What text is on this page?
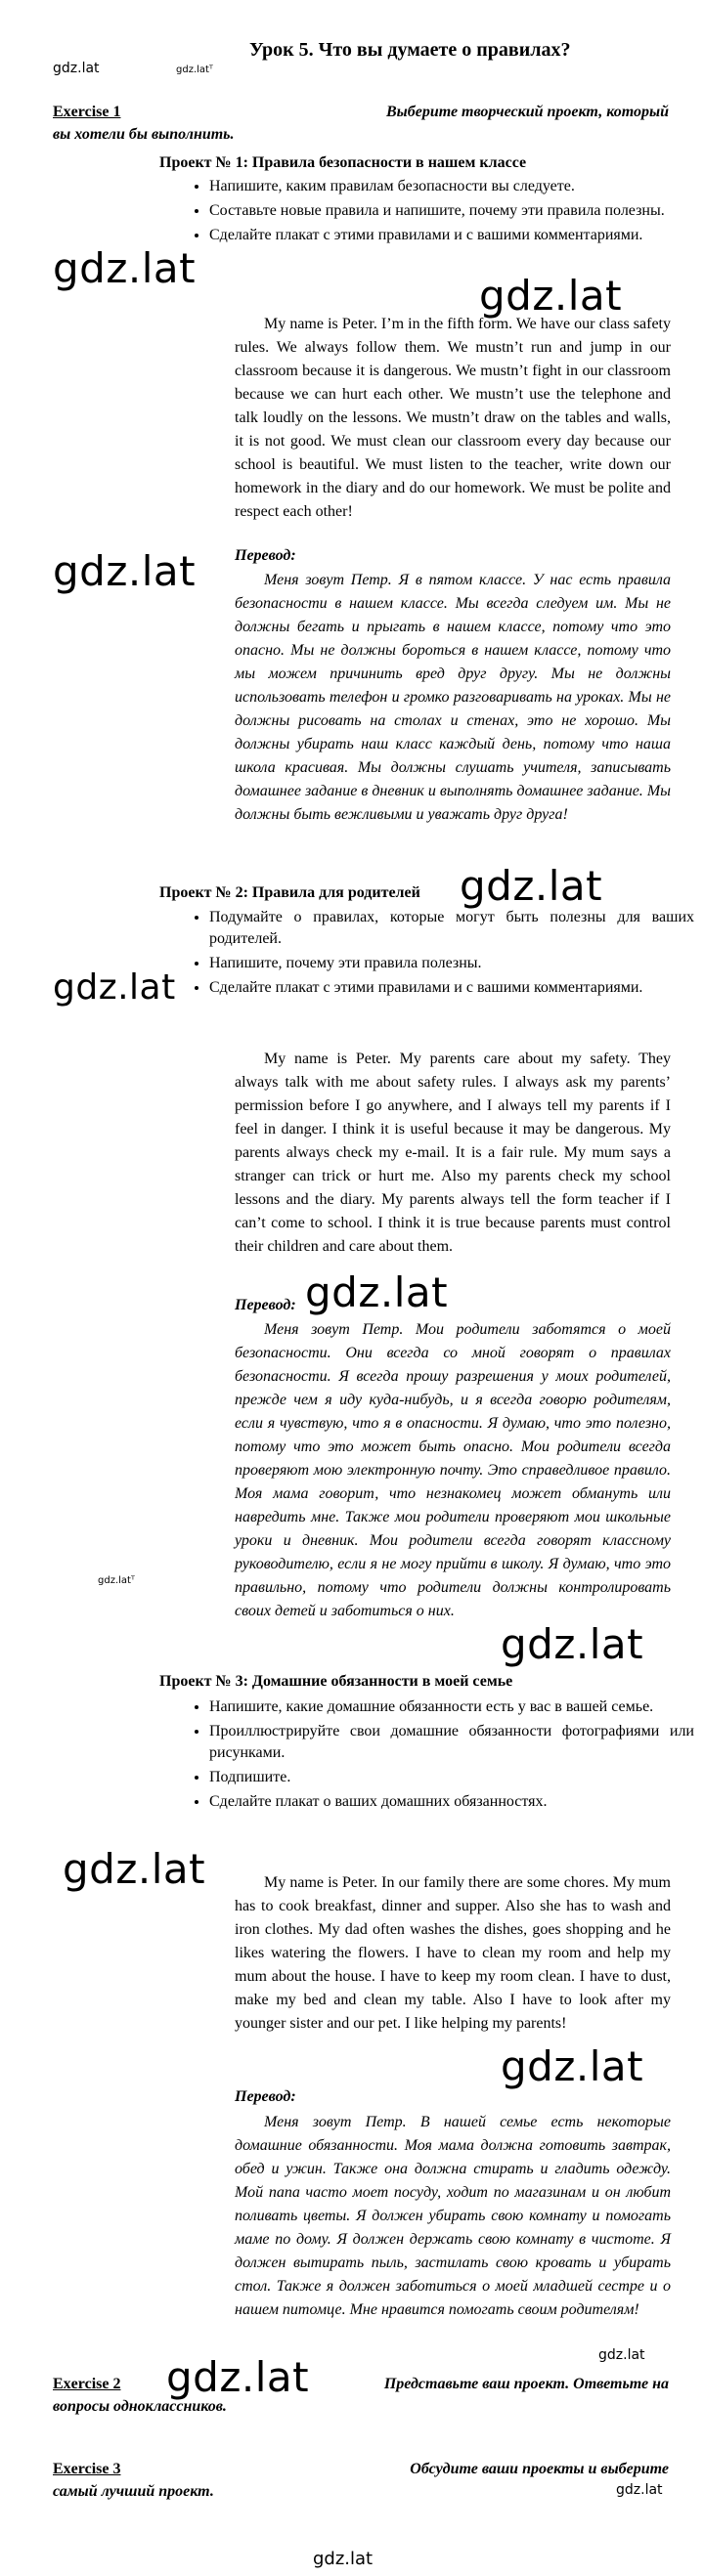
gdz.lat	gdz.latᵀ
Урок 5. Что вы думаете о правилах?
Exercise 1	Выберите творческий проект, который

вы хотели бы выполнить.
Проект № 1: Правила безопасности в нашем классе
• Напишите, каким правилам безопасности вы следуете.
• Составьте новые правила и напишите, почему эти правила полезны.
• Сделайте плакат с этими правилами и с вашими комментариями.
gdz.lat
gdz.lat

My name is Peter. I’m in the fifth form. We have our class safety rules. We always follow them. We mustn’t run and jump in our classroom because it is dangerous. We mustn’t fight in our classroom because we can hurt each other. We mustn’t use the telephone and talk loudly on the lessons. We mustn’t draw on the tables and walls, it is not good. We must clean our classroom every day because our school is beautiful. We must listen to the teacher, write down our homework in the diary and do our homework. We must be polite and respect each other!

Перевод:
gdz.lat	Меня зовут Петр. Я в пятом классе. У нас есть правила безопасности в нашем классе. Мы всегда следуем им. Мы не должны бегать и прыгать в нашем классе, потому что это опасно. Мы не должны бороться в нашем классе, потому что мы можем причинить вред друг другу. Мы не должны использовать телефон и громко разговаривать на уроках. Мы не должны рисовать на столах и стенах, это не хорошо. Мы должны убирать наш класс каждый день, потому что наша школа красивая. Мы должны слушать учителя, записывать домашнее задание в дневник и выполнять домашнее задание. Мы должны быть вежливыми и уважать друг друга!

Проект № 2: Правила для родителей gdz.lat
• Подумайте о правилах, которые могут быть полезны для ваших родителей.
• Напишите, почему эти правила полезны.
• Сделайте плакат с этими правилами и с вашими комментариями.
gdz.lat

My name is Peter. My parents care about my safety. They always talk with me about safety rules. I always ask my parents’ permission before I go anywhere, and I always tell my parents if I feel in danger. I think it is useful because it may be dangerous. My parents always check my e-mail. It is a fair rule. My mum says a stranger can trick or hurt me. Also my parents check my school lessons and the diary. My parents always tell the form teacher if I can’t come to school. I think it is true because parents must control their children and care about them.

Перевод: gdz.lat

Меня зовут Петр. Мои родители заботятся о моей безопасности. Они всегда со мной говорят о правилах безопасности. Я всегда прошу разрешения у моих родителей, прежде чем я иду куда-нибудь, и я всегда говорю родителям, если я чувствую, что я в опасности. Я думаю, что это полезно, потому что это может быть опасно. Мои родители всегда проверяют мою электронную почту. Это справедливое правило. Моя мама говорит, что незнакомец может обмануть или навредить мне. Также мои родители проверяют мои школьные уроки и дневник. Мои родители всегда говорят классному руководителю, если я не могу прийти в школу. Я думаю, что это правильно, потому что родители должны контролировать своих детей и заботиться о них.

gdz.latᵀ
gdz.lat
Проект № 3: Домашние обязанности в моей семье
• Напишите, какие домашние обязанности есть у вас в вашей семье.
• Проиллюстрируйте свои домашние обязанности фотографиями или рисунками.
• Подпишите.
• Сделайте плакат о ваших домашних обязанностях.
gdz.lat	My name is Peter. In our family there are some chores. My mum has to cook breakfast, dinner and supper. Also she has to wash and iron clothes. My dad often washes the dishes, goes shopping and he likes watering the flowers. I have to clean my room and help my mum about the house. I have to keep my room clean. I have to dust, make my bed and clean my table. Also I have to look after my younger sister and our pet. I like helping my parents!

gdz.lat
Перевод:

Меня зовут Петр. В нашей семье есть некоторые домашние обязанности. Моя мама должна готовить завтрак, обед и ужин. Также она должна стирать и гладить одежду. Мой папа часто моет посуду, ходит по магазинам и он любит поливать цветы. Я должен убирать свою комнату и помогать маме по дому. Я должен держать свою комнату в чистоте. Я должен вытирать пыль, застилать свою кровать и убирать стол. Также я должен заботиться о моей младшей сестре и о нашем питомце. Мне нравится помогать своим родителям!

gdz.lat
Exercise 2	Представьте ваш проект. Ответьте на

вопросы одноклассников.
gdz.lat
Exercise 3	Обсудите ваши проекты и выберите

самый лучший проект.	gdz.lat
gdz.lat
